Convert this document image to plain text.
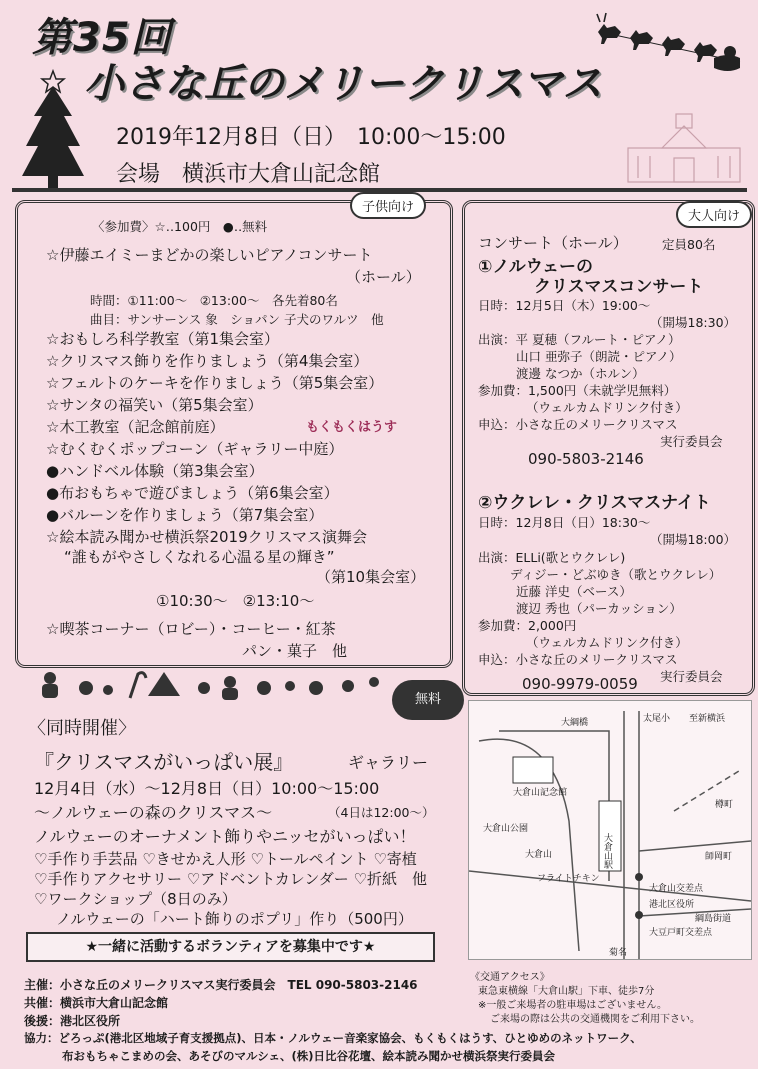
第35回
小さな丘のメリークリスマス
2019年12月8日（日）　10:00〜15:00
会場　横浜市大倉山記念館
子供向け
〈参加費〉☆‥100円　●‥無料
☆伊藤エイミーまどかの楽しいピアノコンサート
（ホール）
時間：①11:00〜　②13:00〜　各先着80名
曲目：サンサーンス 象　ショパン 子犬のワルツ　他
☆おもしろ科学教室（第1集会室）
☆クリスマス飾りを作りましょう（第4集会室）
☆フェルトのケーキを作りましょう（第5集会室）
☆サンタの福笑い（第5集会室）
☆木工教室（記念館前庭）	もくもくはうす
☆むくむくポップコーン（ギャラリー中庭）
●ハンドベル体験（第3集会室）
●布おもちゃで遊びましょう（第6集会室）
●バルーンを作りましょう（第7集会室）
☆絵本読み聞かせ横浜祭2019クリスマス演舞会
“誰もがやさしくなれる心温る星の輝き”
（第10集会室）
①10:30〜　②13:10〜
☆喫茶コーナー（ロビー）・コーヒー・紅茶
パン・菓子　他
大人向け
コンサート（ホール）	定員80名
①ノルウェーの
クリスマスコンサート
日時：12月5日（木）19:00〜
（開場18:30）
出演：平 夏穂（フルート・ピアノ）
山口 亜弥子（朗読・ピアノ）
渡邊 なつか（ホルン）
参加費：1,500円（未就学児無料）
（ウェルカムドリンク付き）
申込：小さな丘のメリークリスマス
実行委員会
090-5803-2146
②ウクレレ・クリスマスナイト
日時：12月8日（日）18:30〜
（開場18:00）
出演：ELLi(歌とウクレレ)
ディジー・どぶゆき（歌とウクレレ）
近藤 洋史（ベース）
渡辺 秀也（パーカッション）
参加費：2,000円
（ウェルカムドリンク付き）
申込：小さな丘のメリークリスマス
実行委員会
090-9979-0059
無料
〈同時開催〉
『クリスマスがいっぱい展』	ギャラリー
12月4日（水）〜12月8日（日）10:00〜15:00
〜ノルウェーの森のクリスマス〜	（4日は12:00〜）
ノルウェーのオーナメント飾りやニッセがいっぱい！
♡手作り手芸品 ♡きせかえ人形 ♡トールペイント ♡寄植
♡手作りアクセサリー ♡アドベントカレンダー ♡折紙　他
♡ワークショップ（8日のみ）
ノルウェーの「ハート飾りのポプリ」作り（500円）
★一緒に活動するボランティアを募集中です★
大綱橋
大倉山記念館
大倉山公園
大倉山駅
太尾小
大倉山交差点
港北区役所
綱島街道
師岡町
樽町
大倉山
フライトチキン
大豆戸町交差点
菊名
至新横浜
《交通アクセス》
東急東横線「大倉山駅」下車、徒歩7分
※一般ご来場者の駐車場はございません。
ご来場の際は公共の交通機関をご利用下さい。
主催：小さな丘のメリークリスマス実行委員会　TEL 090-5803-2146
共催：横浜市大倉山記念館
後援：港北区役所
協力：どろっぷ(港北区地域子育支援拠点)、日本・ノルウェー音楽家協会、もくもくはうす、ひとゆめのネットワーク、
布おもちゃこまめの会、あそびのマルシェ、(株)日比谷花壇、絵本読み聞かせ横浜祭実行委員会
